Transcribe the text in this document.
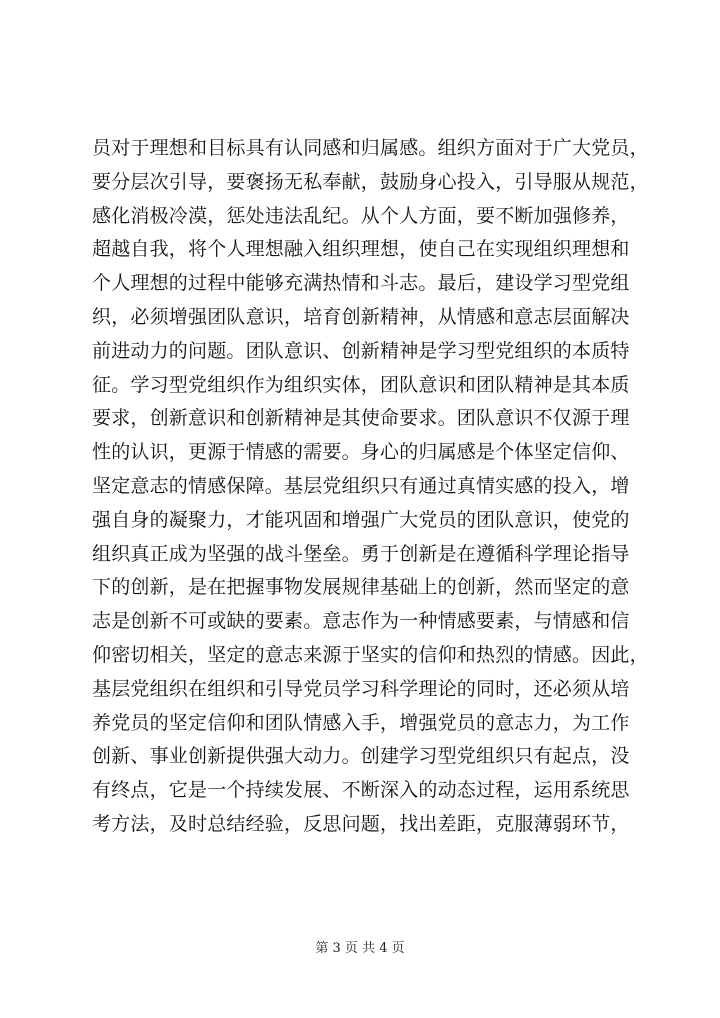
员对于理想和目标具有认同感和归属感。组织方面对于广大党员，
要分层次引导，要褒扬无私奉献，鼓励身心投入，引导服从规范，
感化消极冷漠，惩处违法乱纪。从个人方面，要不断加强修养，
超越自我，将个人理想融入组织理想，使自己在实现组织理想和
个人理想的过程中能够充满热情和斗志。最后，建设学习型党组
织，必须增强团队意识，培育创新精神，从情感和意志层面解决
前进动力的问题。团队意识、创新精神是学习型党组织的本质特
征。学习型党组织作为组织实体，团队意识和团队精神是其本质
要求，创新意识和创新精神是其使命要求。团队意识不仅源于理
性的认识，更源于情感的需要。身心的归属感是个体坚定信仰、
坚定意志的情感保障。基层党组织只有通过真情实感的投入，增
强自身的凝聚力，才能巩固和增强广大党员的团队意识，使党的
组织真正成为坚强的战斗堡垒。勇于创新是在遵循科学理论指导
下的创新，是在把握事物发展规律基础上的创新，然而坚定的意
志是创新不可或缺的要素。意志作为一种情感要素，与情感和信
仰密切相关，坚定的意志来源于坚实的信仰和热烈的情感。因此，
基层党组织在组织和引导党员学习科学理论的同时，还必须从培
养党员的坚定信仰和团队情感入手，增强党员的意志力，为工作
创新、事业创新提供强大动力。创建学习型党组织只有起点，没
有终点，它是一个持续发展、不断深入的动态过程，运用系统思
考方法，及时总结经验，反思问题，找出差距，克服薄弱环节，
第 3 页 共 4 页
